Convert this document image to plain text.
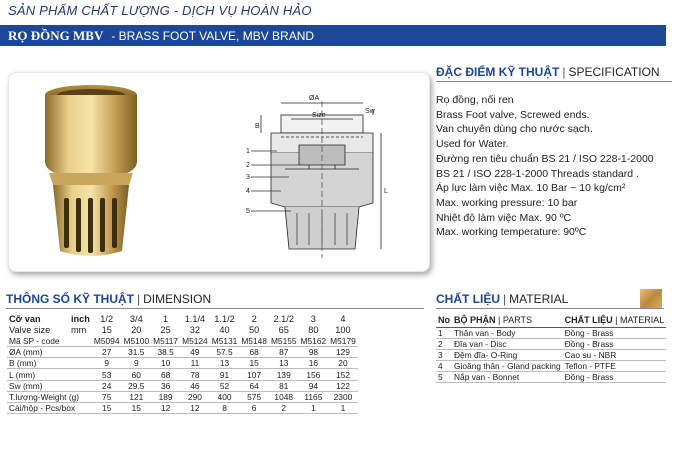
SẢN PHẨM CHẤT LƯỢNG - DỊCH VỤ HOÀN HẢO
RỌ ĐỒNG MBV - BRASS FOOT VALVE, MBV BRAND
ØA
Size
Sw
B
L
1
2
3
4
5
ĐẶC ĐIỂM KỸ THUẬT | SPECIFICATION
Rọ đồng, nối ren
Brass Foot valve, Screwed ends.
Van chuyên dùng cho nước sạch.
Used for Water.
Đường ren tiêu chuẩn BS 21 / ISO 228-1-2000
BS 21 / ISO 228-1-2000 Threads standard .
Áp lực làm việc Max. 10 Bar ~ 10 kg/cm²
Max. working pressure: 10 bar
Nhiệt độ làm việc Max. 90 ºC
Max. working temperature: 90ºC
THÔNG SỐ KỸ THUẬT | DIMENSION
Cỡ van	inch	1/2	3/4	1	1.1/4	1.1/2	2	2.1/2	3	4
Valve size	mm	15	20	25	32	40	50	65	80	100
Mã SP - code		M5094	M5100	M5117	M5124	M5131	M5148	M5155	M5162	M5179
ØA (mm)		27	31.5	38.5	49	57.5	68	87	98	129
B (mm)		9	9	10	11	13	15	13	16	20
L (mm)		53	60	68	78	91	107	139	156	152
Sw (mm)		24	29.5	36	46	52	64	81	94	122
T.lượng-Weight (g)		75	121	189	290	400	575	1048	1165	2300
Cái/hộp - Pcs/box		15	15	12	12	8	6	2	1	1
CHẤT LIỆU | MATERIAL
No	BỘ PHẬN | PARTS	CHẤT LIỆU | MATERIAL
1	Thân van - Body	Đồng - Brass
2	Đĩa van - Disc	Đồng - Brass
3	Đệm đĩa- O-Ring	Cao su - NBR
4	Gioăng thân - Gland packing	Teflon - PTFE
5	Nắp van - Bonnet	Đồng - Brass
